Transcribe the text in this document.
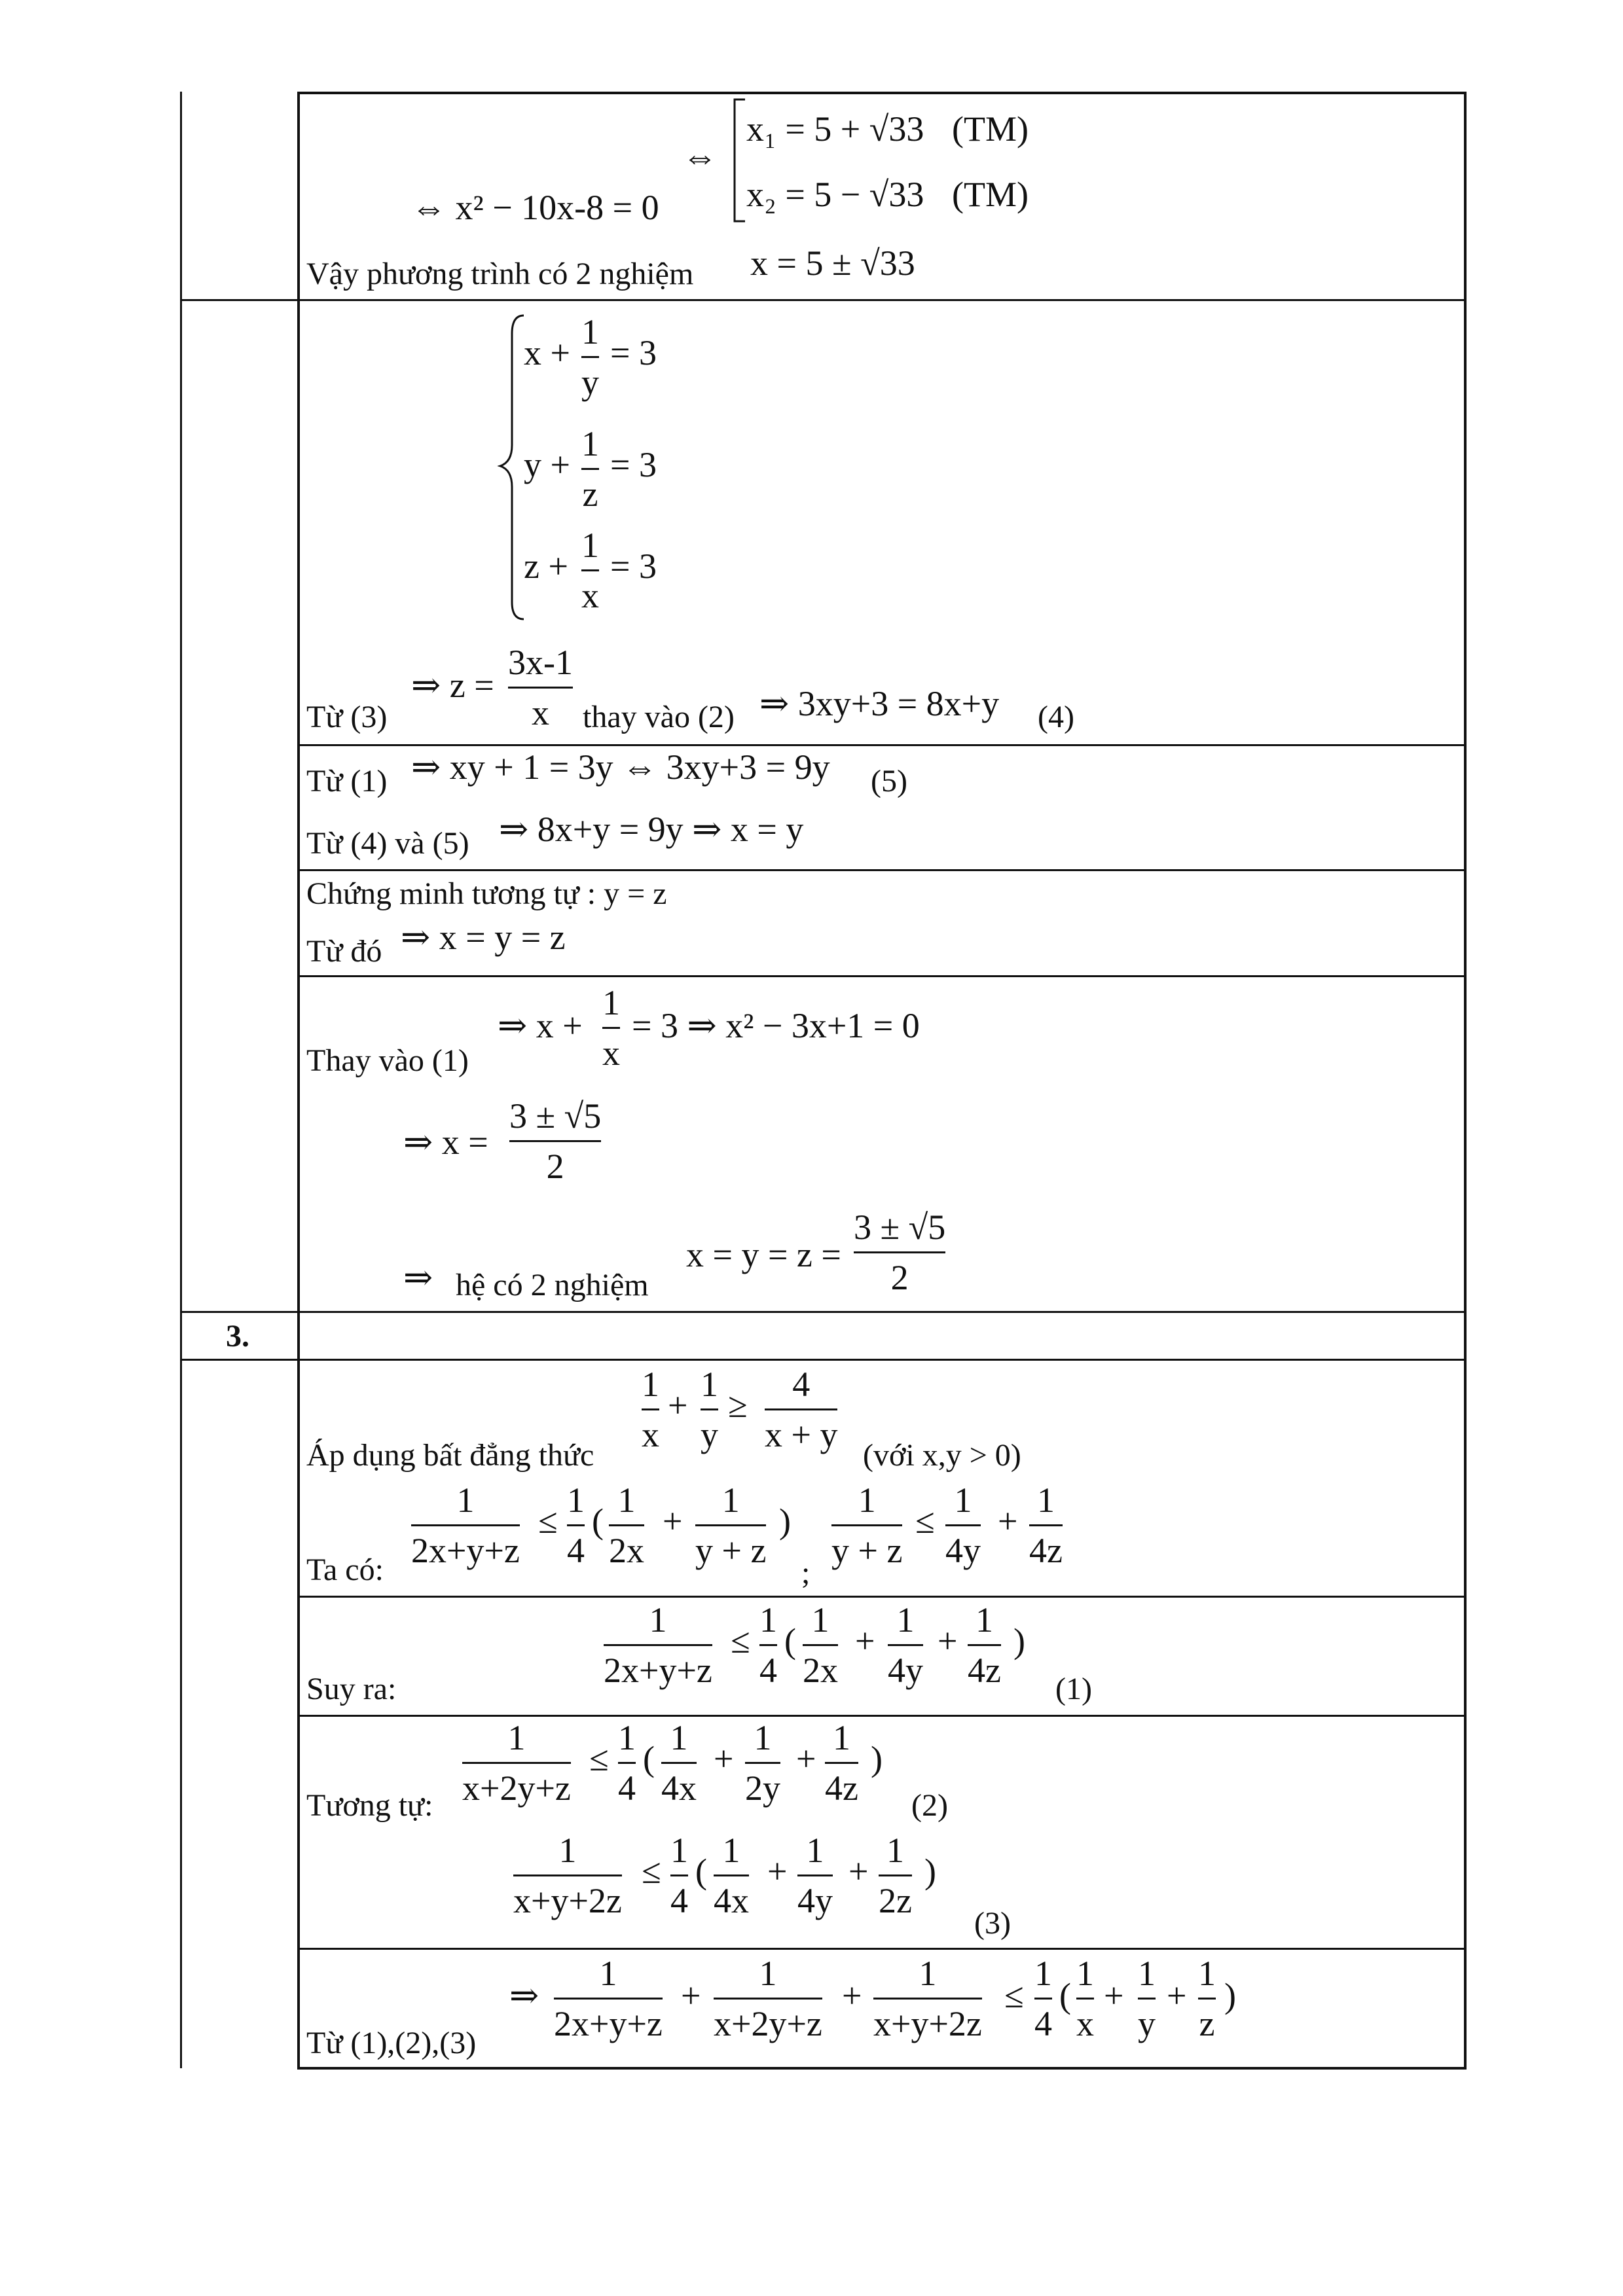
⇔ x² − 10x-8 = 0
⇔
x₁ = 5 + √33 (TM)
x₂ = 5 − √33 (TM)
Vậy phương trình có 2 nghiệm x = 5 ± √33
x +
1
y
= 3
y +
1
z
= 3
z +
1
x
= 3
Từ (3)
⇒ z =
3x-1
x thay vào (2) ⇒ 3xy+3 = 8x+y (4)
Từ (1) ⇒ xy + 1 = 3y ⇔ 3xy+3 = 9y (5)
Từ (4) và (5) ⇒ 8x+y = 9y ⇒ x = y
Chứng minh tương tự : y = z
Từ đó ⇒ x = y = z
Thay vào (1)
⇒ x +
1
x
= 3 ⇒ x² − 3x+1 = 0
⇒ x =
3 ± √5
2
⇒ hệ có 2 nghiệm
x = y = z =
3 ± √5
2
3.
Áp dụng bất đẳng thức
1
x
+
1
y
≥
4
x + y
(với x,y > 0)
Ta có:
1
2x+y+z
≤
1
4
(
1
2x
+
1
y + z
)
;
1
y + z
≤
1
4y
+
1
4z
Suy ra:
1
2x+y+z
≤
1
4
(
1
2x
+
1
4y
+
1
4z
)
(1)
Tương tự:
1
x+2y+z
≤
1
4
(
1
4x
+
1
2y
+
1
4z
)
(2)
1
x+y+2z
≤
1
4
(
1
4x
+
1
4y
+
1
2z
)
(3)
Từ (1),(2),(3)
⇒
1
2x+y+z
+
1
x+2y+z
+
1
x+y+2z
≤
1
4
(
1
x
+
1
y
+
1
z
)
